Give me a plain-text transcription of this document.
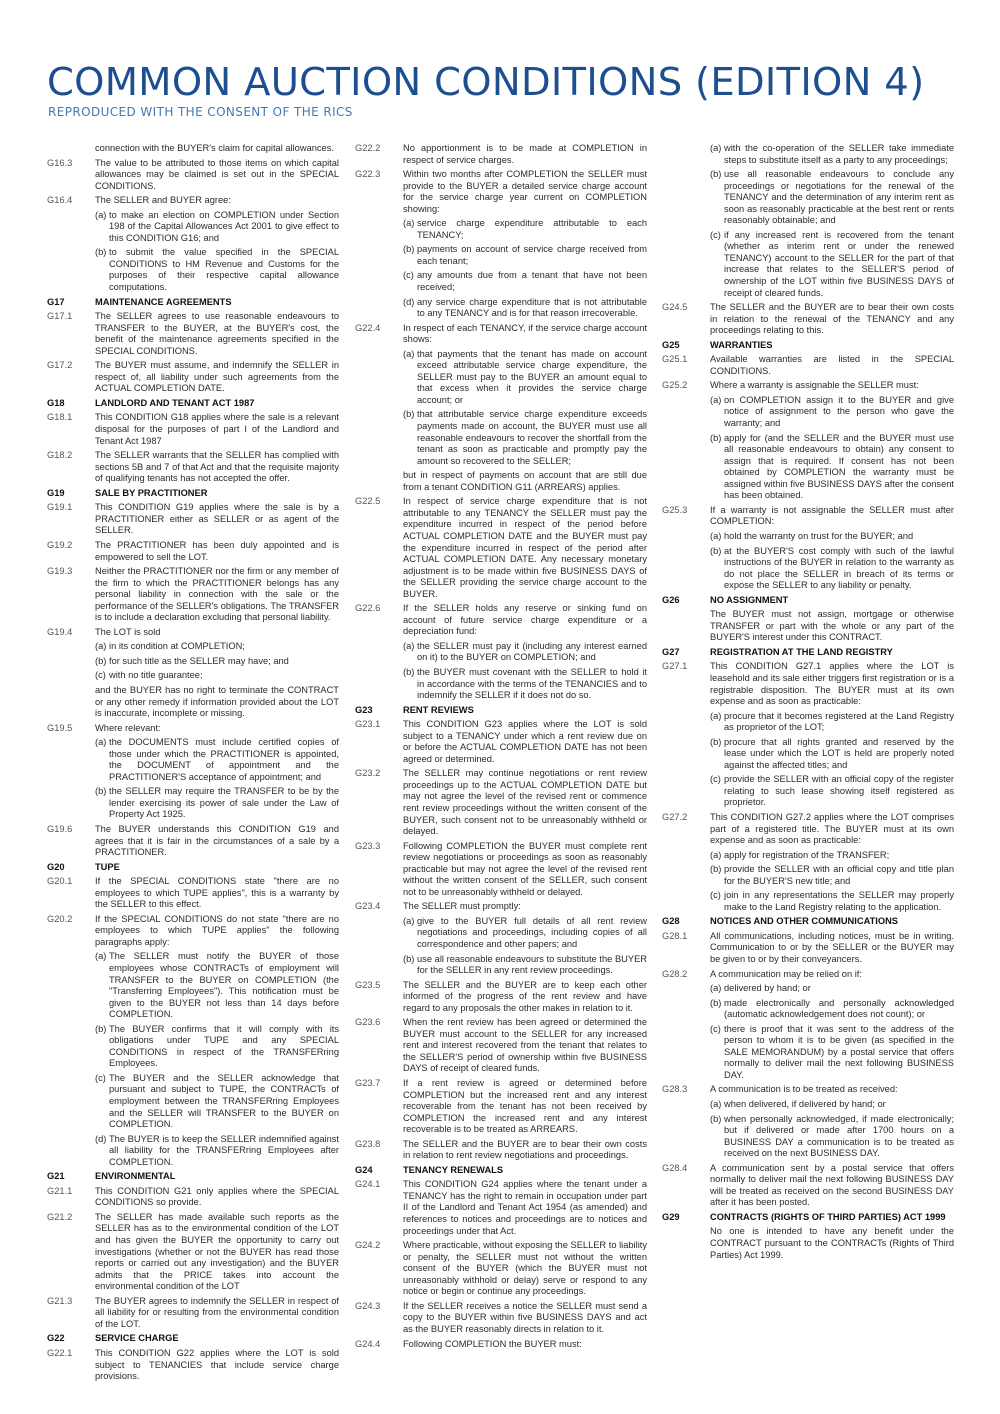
COMMON AUCTION CONDITIONS (EDITION 4)
REPRODUCED WITH THE CONSENT OF THE RICS

connection with the BUYER's claim for capital allowances.

G16.3	The value to be attributed to those items on which capital allowances may be claimed is set out in the SPECIAL CONDITIONS.

G16.4	The SELLER and BUYER agree:

(a) to make an election on COMPLETION under Section 198 of the Capital Allowances Act 2001 to give effect to this CONDITION G16; and
(b) to submit the value specified in the SPECIAL CONDITIONS to HM Revenue and Customs for the purposes of their respective capital allowance computations.
G17	MAINTENANCE AGREEMENTS
G17.1	The SELLER agrees to use reasonable endeavours to TRANSFER to the BUYER, at the BUYER's cost, the benefit of the maintenance agreements specified in the SPECIAL CONDITIONS.

G17.2	The BUYER must assume, and indemnify the SELLER in respect of, all liability under such agreements from the ACTUAL COMPLETION DATE.

G18	LANDLORD AND TENANT ACT 1987
G18.1	This CONDITION G18 applies where the sale is a relevant disposal for the purposes of part I of the Landlord and Tenant Act 1987

G18.2	The SELLER warrants that the SELLER has complied with sections 5B and 7 of that Act and that the requisite majority of qualifying tenants has not accepted the offer.

G19	SALE BY PRACTITIONER
G19.1	This CONDITION G19 applies where the sale is by a PRACTITIONER either as SELLER or as agent of the SELLER.

G19.2	The PRACTITIONER has been duly appointed and is empowered to sell the LOT.

G19.3	Neither the PRACTITIONER nor the firm or any member of the firm to which the PRACTITIONER belongs has any personal liability in connection with the sale or the performance of the SELLER's obligations. The TRANSFER is to include a declaration excluding that personal liability.

G19.4	The LOT is sold

(a) in its condition at COMPLETION;
(b) for such title as the SELLER may have; and
(c) with no title guarantee;

and the BUYER has no right to terminate the CONTRACT or any other remedy if information provided about the LOT is inaccurate, incomplete or missing.

G19.5	Where relevant:

(a) the DOCUMENTS must include certified copies of those under which the PRACTITIONER is appointed, the DOCUMENT of appointment and the PRACTITIONER'S acceptance of appointment; and
(b) the SELLER may require the TRANSFER to be by the lender exercising its power of sale under the Law of Property Act 1925.
G19.6	The BUYER understands this CONDITION G19 and agrees that it is fair in the circumstances of a sale by a PRACTITIONER.

G20	TUPE
G20.1	If the SPECIAL CONDITIONS state "there are no employees to which TUPE applies", this is a warranty by the SELLER to this effect.

G20.2	If the SPECIAL CONDITIONS do not state "there are no employees to which TUPE applies" the following paragraphs apply:

(a) The SELLER must notify the BUYER of those employees whose CONTRACTs of employment will TRANSFER to the BUYER on COMPLETION (the "Transferring Employees"). This notification must be given to the BUYER not less than 14 days before COMPLETION.
(b) The BUYER confirms that it will comply with its obligations under TUPE and any SPECIAL CONDITIONS in respect of the TRANSFERring Employees.
(c) The BUYER and the SELLER acknowledge that pursuant and subject to TUPE, the CONTRACTs of employment between the TRANSFERring Employees and the SELLER will TRANSFER to the BUYER on COMPLETION.
(d) The BUYER is to keep the SELLER indemnified against all liability for the TRANSFERring Employees after COMPLETION.
G21	ENVIRONMENTAL
G21.1	This CONDITION G21 only applies where the SPECIAL CONDITIONS so provide.

G21.2	The SELLER has made available such reports as the SELLER has as to the environmental condition of the LOT and has given the BUYER the opportunity to carry out investigations (whether or not the BUYER has read those reports or carried out any investigation) and the BUYER admits that the PRICE takes into account the environmental condition of the LOT

G21.3	The BUYER agrees to indemnify the SELLER in respect of all liability for or resulting from the environmental condition of the LOT.

G22	SERVICE CHARGE
G22.1	This CONDITION G22 applies where the LOT is sold subject to TENANCIES that include service charge provisions.

G22.2	No apportionment is to be made at COMPLETION in respect of service charges.

G22.3	Within two months after COMPLETION the SELLER must provide to the BUYER a detailed service charge account for the service charge year current on COMPLETION showing:

(a) service charge expenditure attributable to each TENANCY;
(b) payments on account of service charge received from each tenant;
(c) any amounts due from a tenant that have not been received;
(d) any service charge expenditure that is not attributable to any TENANCY and is for that reason irrecoverable.
G22.4	In respect of each TENANCY, if the service charge account shows:

(a) that payments that the tenant has made on account exceed attributable service charge expenditure, the SELLER must pay to the BUYER an amount equal to that excess when it provides the service charge account; or
(b) that attributable service charge expenditure exceeds payments made on account, the BUYER must use all reasonable endeavours to recover the shortfall from the tenant as soon as practicable and promptly pay the amount so recovered to the SELLER;

but in respect of payments on account that are still due from a tenant CONDITION G11 (ARREARS) applies.

G22.5	In respect of service charge expenditure that is not attributable to any TENANCY the SELLER must pay the expenditure incurred in respect of the period before ACTUAL COMPLETION DATE and the BUYER must pay the expenditure incurred in respect of the period after ACTUAL COMPLETION DATE. Any necessary monetary adjustment is to be made within five BUSINESS DAYS of the SELLER providing the service charge account to the BUYER.

G22.6	If the SELLER holds any reserve or sinking fund on account of future service charge expenditure or a depreciation fund:

(a) the SELLER must pay it (including any interest earned on it) to the BUYER on COMPLETION; and
(b) the BUYER must covenant with the SELLER to hold it in accordance with the terms of the TENANCIES and to indemnify the SELLER if it does not do so.
G23	RENT REVIEWS
G23.1	This CONDITION G23 applies where the LOT is sold subject to a TENANCY under which a rent review due on or before the ACTUAL COMPLETION DATE has not been agreed or determined.

G23.2	The SELLER may continue negotiations or rent review proceedings up to the ACTUAL COMPLETION DATE but may not agree the level of the revised rent or commence rent review proceedings without the written consent of the BUYER, such consent not to be unreasonably withheld or delayed.

G23.3	Following COMPLETION the BUYER must complete rent review negotiations or proceedings as soon as reasonably practicable but may not agree the level of the revised rent without the written consent of the SELLER, such consent not to be unreasonably withheld or delayed.

G23.4	The SELLER must promptly:

(a) give to the BUYER full details of all rent review negotiations and proceedings, including copies of all correspondence and other papers; and
(b) use all reasonable endeavours to substitute the BUYER for the SELLER in any rent review proceedings.
G23.5	The SELLER and the BUYER are to keep each other informed of the progress of the rent review and have regard to any proposals the other makes in relation to it.

G23.6	When the rent review has been agreed or determined the BUYER must account to the SELLER for any increased rent and interest recovered from the tenant that relates to the SELLER'S period of ownership within five BUSINESS DAYS of receipt of cleared funds.

G23.7	If a rent review is agreed or determined before COMPLETION but the increased rent and any interest recoverable from the tenant has not been received by COMPLETION the increased rent and any interest recoverable is to be treated as ARREARS.

G23.8	The SELLER and the BUYER are to bear their own costs in relation to rent review negotiations and proceedings.

G24	TENANCY RENEWALS
G24.1	This CONDITION G24 applies where the tenant under a TENANCY has the right to remain in occupation under part II of the Landlord and Tenant Act 1954 (as amended) and references to notices and proceedings are to notices and proceedings under that Act.

G24.2	Where practicable, without exposing the SELLER to liability or penalty, the SELLER must not without the written consent of the BUYER (which the BUYER must not unreasonably withhold or delay) serve or respond to any notice or begin or continue any proceedings.

G24.3	If the SELLER receives a notice the SELLER must send a copy to the BUYER within five BUSINESS DAYS and act as the BUYER reasonably directs in relation to it.

G24.4	Following COMPLETION the BUYER must:

(a) with the co-operation of the SELLER take immediate steps to substitute itself as a party to any proceedings;
(b) use all reasonable endeavours to conclude any proceedings or negotiations for the renewal of the TENANCY and the determination of any interim rent as soon as reasonably practicable at the best rent or rents reasonably obtainable; and
(c) if any increased rent is recovered from the tenant (whether as interim rent or under the renewed TENANCY) account to the SELLER for the part of that increase that relates to the SELLER'S period of ownership of the LOT within five BUSINESS DAYS of receipt of cleared funds.
G24.5	The SELLER and the BUYER are to bear their own costs in relation to the renewal of the TENANCY and any proceedings relating to this.

G25	WARRANTIES
G25.1	Available warranties are listed in the SPECIAL CONDITIONS.

G25.2	Where a warranty is assignable the SELLER must:

(a) on COMPLETION assign it to the BUYER and give notice of assignment to the person who gave the warranty; and
(b) apply for (and the SELLER and the BUYER must use all reasonable endeavours to obtain) any consent to assign that is required. If consent has not been obtained by COMPLETION the warranty must be assigned within five BUSINESS DAYS after the consent has been obtained.
G25.3	If a warranty is not assignable the SELLER must after COMPLETION:

(a) hold the warranty on trust for the BUYER; and
(b) at the BUYER'S cost comply with such of the lawful instructions of the BUYER in relation to the warranty as do not place the SELLER in breach of its terms or expose the SELLER to any liability or penalty.
G26	NO ASSIGNMENT

The BUYER must not assign, mortgage or otherwise TRANSFER or part with the whole or any part of the BUYER'S interest under this CONTRACT.

G27	REGISTRATION AT THE LAND REGISTRY
G27.1	This CONDITION G27.1 applies where the LOT is leasehold and its sale either triggers first registration or is a registrable disposition. The BUYER must at its own expense and as soon as practicable:

(a) procure that it becomes registered at the Land Registry as proprietor of the LOT;
(b) procure that all rights granted and reserved by the lease under which the LOT is held are properly noted against the affected titles; and
(c) provide the SELLER with an official copy of the register relating to such lease showing itself registered as proprietor.
G27.2	This CONDITION G27.2 applies where the LOT comprises part of a registered title. The BUYER must at its own expense and as soon as practicable:

(a) apply for registration of the TRANSFER;
(b) provide the SELLER with an official copy and title plan for the BUYER'S new title; and
(c) join in any representations the SELLER may properly make to the Land Registry relating to the application.
G28	NOTICES AND OTHER COMMUNICATIONS
G28.1	All communications, including notices, must be in writing. Communication to or by the SELLER or the BUYER may be given to or by their conveyancers.

G28.2	A communication may be relied on if:

(a) delivered by hand; or
(b) made electronically and personally acknowledged (automatic acknowledgement does not count); or
(c) there is proof that it was sent to the address of the person to whom it is to be given (as specified in the SALE MEMORANDUM) by a postal service that offers normally to deliver mail the next following BUSINESS DAY.
G28.3	A communication is to be treated as received:

(a) when delivered, if delivered by hand; or
(b) when personally acknowledged, if made electronically; but if delivered or made after 1700 hours on a BUSINESS DAY a communication is to be treated as received on the next BUSINESS DAY.
G28.4	A communication sent by a postal service that offers normally to deliver mail the next following BUSINESS DAY will be treated as received on the second BUSINESS DAY after it has been posted.

G29	CONTRACTS (RIGHTS OF THIRD PARTIES) ACT 1999

No one is intended to have any benefit under the CONTRACT pursuant to the CONTRACTs (Rights of Third Parties) Act 1999.
